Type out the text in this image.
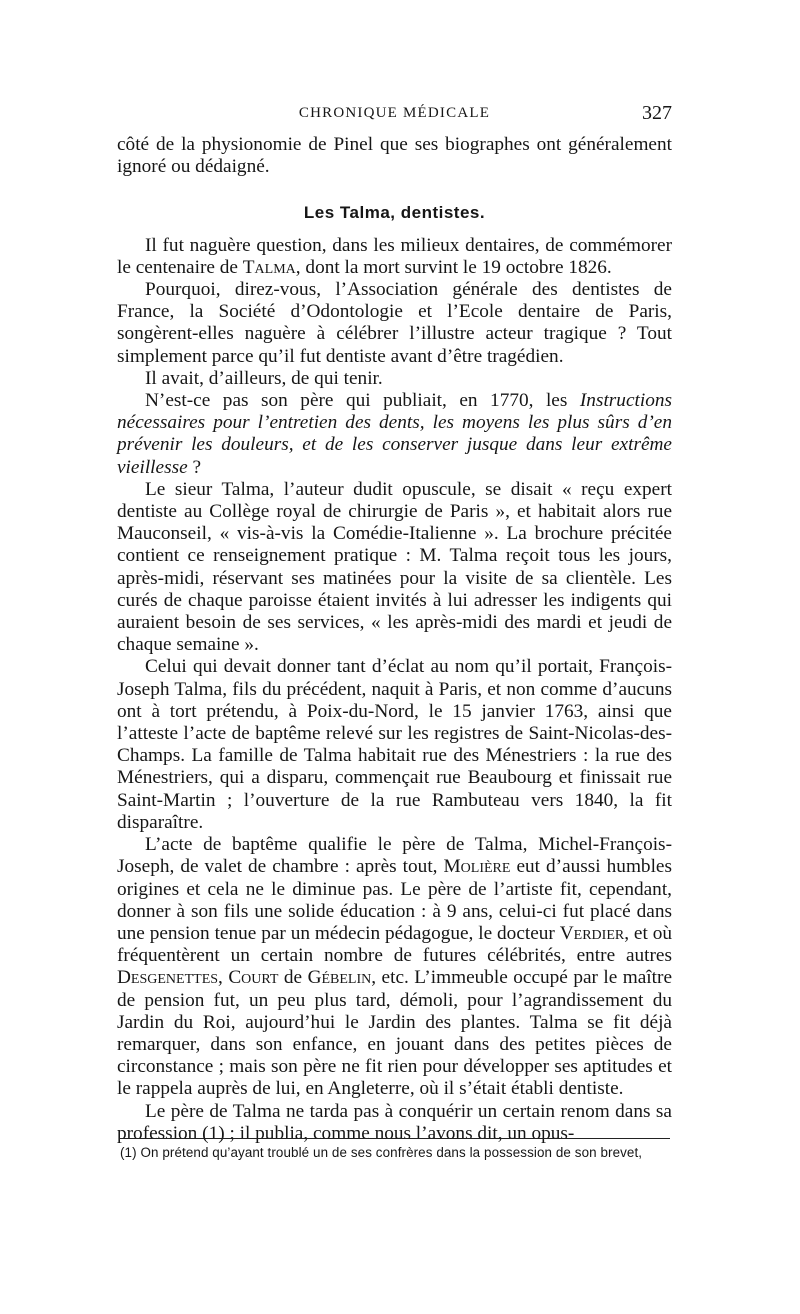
CHRONIQUE MÉDICALE	327

côté de la physionomie de Pinel que ses biographes ont généralement ignoré ou dédaigné.

Les Talma, dentistes.

Il fut naguère question, dans les milieux dentaires, de commémorer le centenaire de Talma, dont la mort survint le 19 octobre 1826.

Pourquoi, direz-vous, l’Association générale des dentistes de France, la Société d’Odontologie et l’Ecole dentaire de Paris, songèrent-elles naguère à célébrer l’illustre acteur tragique ? Tout simplement parce qu’il fut dentiste avant d’être tragédien.

Il avait, d’ailleurs, de qui tenir.

N’est-ce pas son père qui publiait, en 1770, les Instructions nécessaires pour l’entretien des dents, les moyens les plus sûrs d’en prévenir les douleurs, et de les conserver jusque dans leur extrême vieillesse ?

Le sieur Talma, l’auteur dudit opuscule, se disait « reçu expert dentiste au Collège royal de chirurgie de Paris », et habitait alors rue Mauconseil, « vis-à-vis la Comédie-Italienne ». La brochure précitée contient ce renseignement pratique : M. Talma reçoit tous les jours, après-midi, réservant ses matinées pour la visite de sa clientèle. Les curés de chaque paroisse étaient invités à lui adresser les indigents qui auraient besoin de ses services, « les après-midi des mardi et jeudi de chaque semaine ».

Celui qui devait donner tant d’éclat au nom qu’il portait, François-Joseph Talma, fils du précédent, naquit à Paris, et non comme d’aucuns ont à tort prétendu, à Poix-du-Nord, le 15 janvier 1763, ainsi que l’atteste l’acte de baptême relevé sur les registres de Saint-Nicolas-des-Champs. La famille de Talma habitait rue des Ménestriers : la rue des Ménestriers, qui a disparu, commençait rue Beaubourg et finissait rue Saint-Martin ; l’ouverture de la rue Rambuteau vers 1840, la fit disparaître.

L’acte de baptême qualifie le père de Talma, Michel-François-Joseph, de valet de chambre : après tout, Molière eut d’aussi humbles origines et cela ne le diminue pas. Le père de l’artiste fit, cependant, donner à son fils une solide éducation : à 9 ans, celui-ci fut placé dans une pension tenue par un médecin pédagogue, le docteur Verdier, et où fréquentèrent un certain nombre de futures célébrités, entre autres Desgenettes, Court de Gébelin, etc. L’immeuble occupé par le maître de pension fut, un peu plus tard, démoli, pour l’agrandissement du Jardin du Roi, aujourd’hui le Jardin des plantes. Talma se fit déjà remarquer, dans son enfance, en jouant dans des petites pièces de circonstance ; mais son père ne fit rien pour développer ses aptitudes et le rappela auprès de lui, en Angleterre, où il s’était établi dentiste.

Le père de Talma ne tarda pas à conquérir un certain renom dans sa profession (1) ; il publia, comme nous l’avons dit, un opus-

(1) On prétend qu’ayant troublé un de ses confrères dans la possession de son brevet,
